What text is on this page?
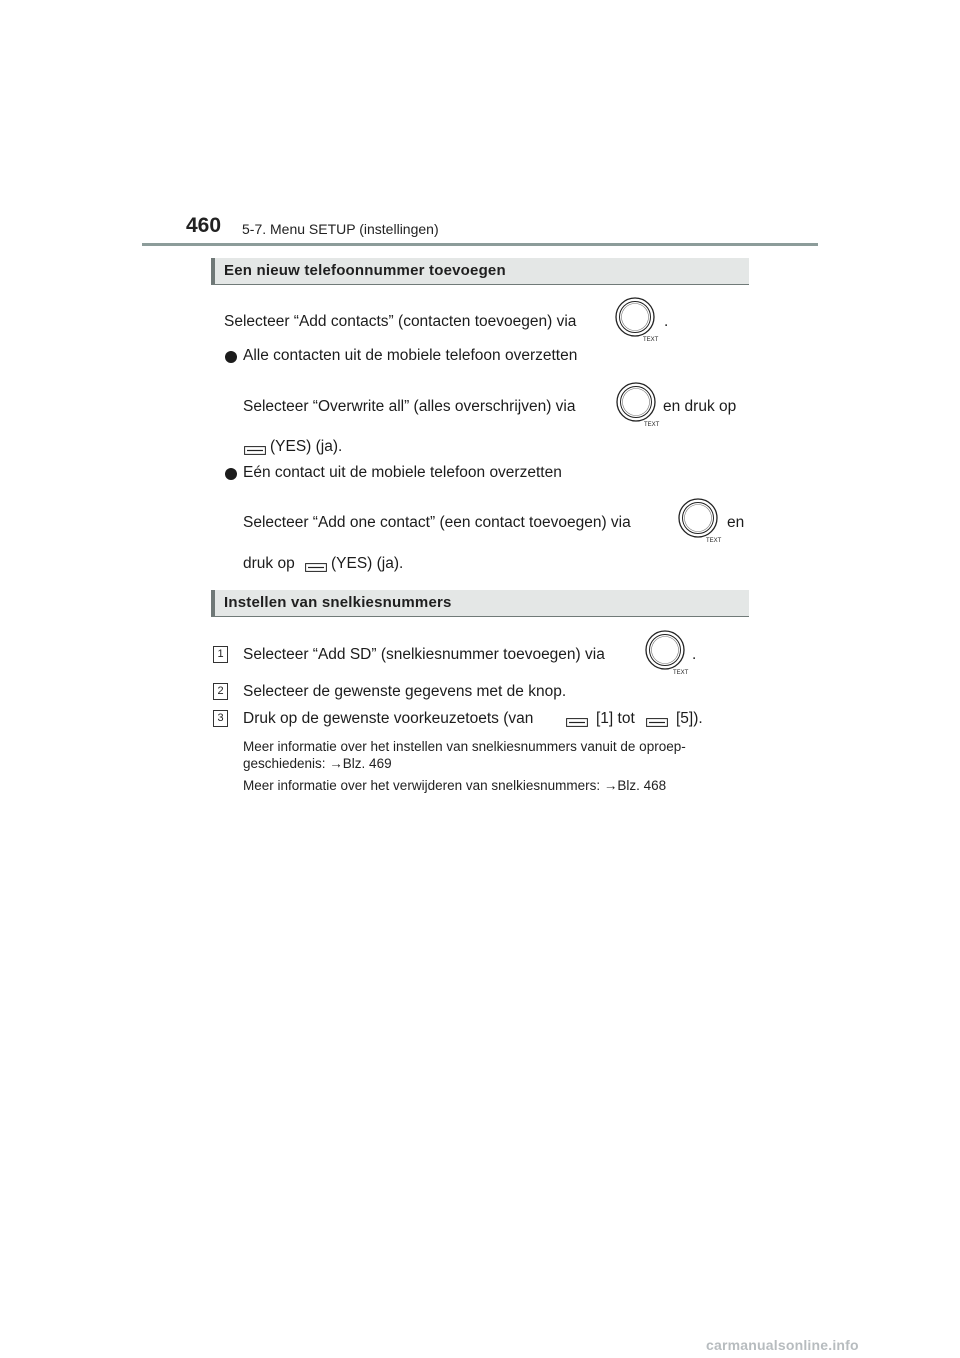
460 5-7. Menu SETUP (instellingen)
Een nieuw telefoonnummer toevoegen
Selecteer “Add contacts” (contacten toevoegen) via
TEXT
.
Alle contacten uit de mobiele telefoon overzetten
Selecteer “Overwrite all” (alles overschrijven) via
TEXT
en druk op
(YES) (ja).
Eén contact uit de mobiele telefoon overzetten
Selecteer “Add one contact” (een contact toevoegen) via
TEXT
en
druk op (YES) (ja).
Instellen van snelkiesnummers
1 Selecteer “Add SD” (snelkiesnummer toevoegen) via
TEXT
.
2 Selecteer de gewenste gegevens met de knop.
3 Druk op de gewenste voorkeuzetoets (van	[1] tot	[5]).
Meer informatie over het instellen van snelkiesnummers vanuit de oproep-
geschiedenis: →Blz. 469
Meer informatie over het verwijderen van snelkiesnummers: →Blz. 468
carmanualsonline.info
